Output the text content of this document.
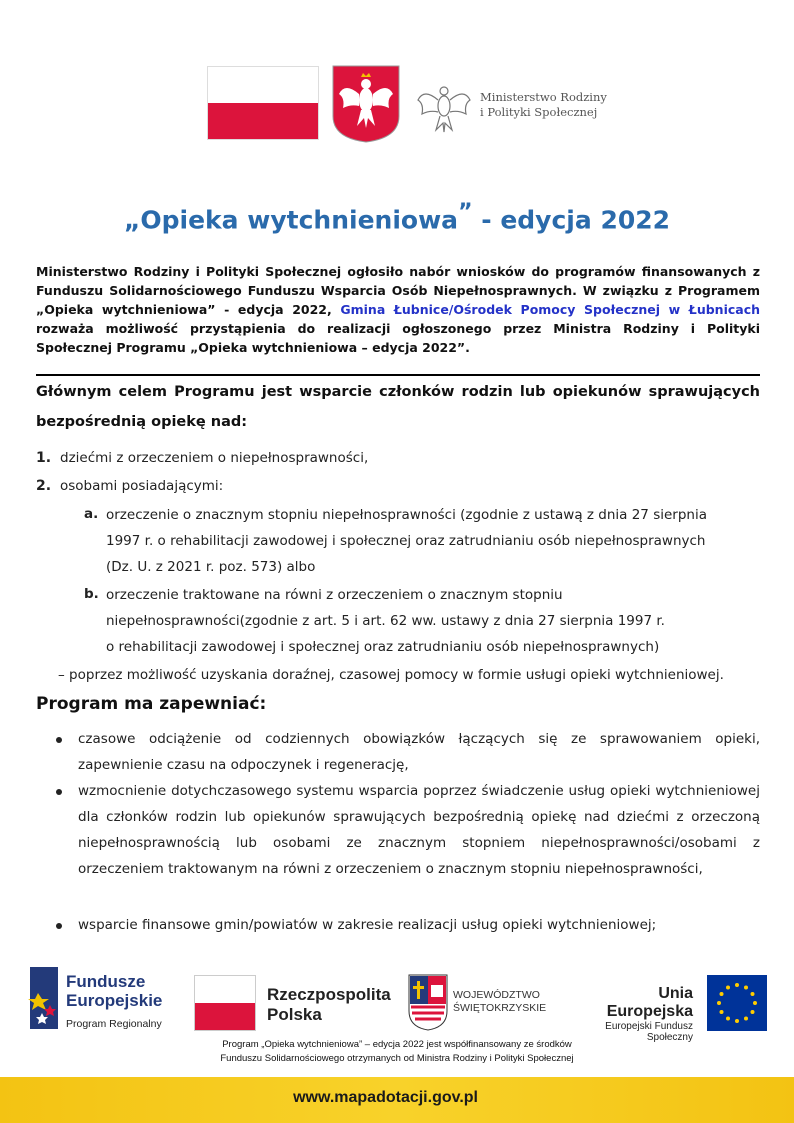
Ministerstwo Rodziny
i Polityki Społecznej
„Opieka wytchnieniowa” - edycja 2022
Ministerstwo Rodziny i Polityki Społecznej ogłosiło nabór wniosków do programów finansowanych z Funduszu Solidarnościowego Funduszu Wsparcia Osób Niepełnosprawnych. W związku z Programem „Opieka wytchnieniowa” - edycja 2022, Gmina Łubnice/Ośrodek Pomocy Społecznej w Łubnicach rozważa możliwość przystąpienia do realizacji ogłoszonego przez Ministra Rodziny i Polityki Społecznej Programu „Opieka wytchnieniowa – edycja 2022”.
Głównym celem Programu jest wsparcie członków rodzin lub opiekunów sprawujących bezpośrednią opiekę nad:
1. dziećmi z orzeczeniem o niepełnosprawności,
2. osobami posiadającymi:
a. orzeczenie o znacznym stopniu niepełnosprawności (zgodnie z ustawą z dnia 27 sierpnia
1997 r. o rehabilitacji zawodowej i społecznej oraz zatrudnianiu osób niepełnosprawnych
(Dz. U. z 2021 r. poz. 573) albo
b. orzeczenie traktowane na równi z orzeczeniem o znacznym stopniu
niepełnosprawności(zgodnie z art. 5 i art. 62 ww. ustawy z dnia 27 sierpnia 1997 r.
o rehabilitacji zawodowej i społecznej oraz zatrudnianiu osób niepełnosprawnych)
– poprzez możliwość uzyskania doraźnej, czasowej pomocy w formie usługi opieki wytchnieniowej.
Program ma zapewniać:
czasowe odciążenie od codziennych obowiązków łączących się ze sprawowaniem opieki, zapewnienie czasu na odpoczynek i regenerację,
wzmocnienie dotychczasowego systemu wsparcia poprzez świadczenie usług opieki wytchnieniowej dla członków rodzin lub opiekunów sprawujących bezpośrednią opiekę nad dziećmi z orzeczoną niepełnosprawnością lub osobami ze znacznym stopniem niepełnosprawności/osobami z orzeczeniem traktowanym na równi z orzeczeniem o znacznym stopniu niepełnosprawności,
wsparcie finansowe gmin/powiatów w zakresie realizacji usług opieki wytchnieniowej;
Fundusze
Europejskie
Program Regionalny
Rzeczpospolita
Polska
WOJEWÓDZTWO
ŚWIĘTOKRZYSKIE
Unia Europejska
Europejski Fundusz Społeczny
Program „Opieka wytchnieniowa” – edycja 2022 jest współfinansowany ze środków
Funduszu Solidarnościowego otrzymanych od Ministra Rodziny i Polityki Społecznej
www.mapadotacji.gov.pl
